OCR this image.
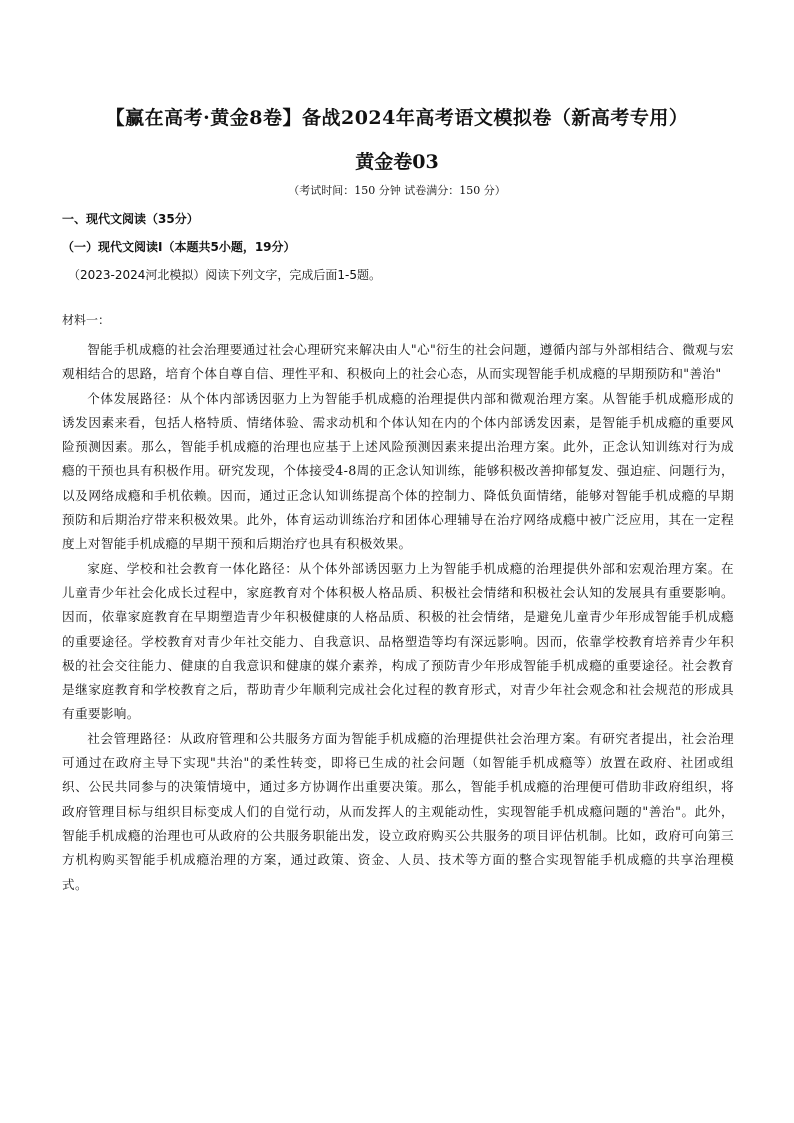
【赢在高考·黄金8卷】备战2024年高考语文模拟卷（新高考专用）
黄金卷03
（考试时间：150 分钟 试卷满分：150 分）
一、现代文阅读（35分）
（一）现代文阅读Ⅰ（本题共5小题，19分）
（2023-2024河北模拟）阅读下列文字，完成后面1-5题。
材料一：

智能手机成瘾的社会治理要通过社会心理研究来解决由人"心"衍生的社会问题，遵循内部与外部相结合、微观与宏观相结合的思路，培育个体自尊自信、理性平和、积极向上的社会心态，从而实现智能手机成瘾的早期预防和"善治"

个体发展路径：从个体内部诱因驱力上为智能手机成瘾的治理提供内部和微观治理方案。从智能手机成瘾形成的诱发因素来看，包括人格特质、情绪体验、需求动机和个体认知在内的个体内部诱发因素，是智能手机成瘾的重要风险预测因素。那么，智能手机成瘾的治理也应基于上述风险预测因素来提出治理方案。此外，正念认知训练对行为成瘾的干预也具有积极作用。研究发现，个体接受4-8周的正念认知训练，能够积极改善抑郁复发、强迫症、问题行为，以及网络成瘾和手机依赖。因而，通过正念认知训练提高个体的控制力、降低负面情绪，能够对智能手机成瘾的早期预防和后期治疗带来积极效果。此外，体育运动训练治疗和团体心理辅导在治疗网络成瘾中被广泛应用，其在一定程度上对智能手机成瘾的早期干预和后期治疗也具有积极效果。

家庭、学校和社会教育一体化路径：从个体外部诱因驱力上为智能手机成瘾的治理提供外部和宏观治理方案。在儿童青少年社会化成长过程中，家庭教育对个体积极人格品质、积极社会情绪和积极社会认知的发展具有重要影响。因而，依靠家庭教育在早期塑造青少年积极健康的人格品质、积极的社会情绪，是避免儿童青少年形成智能手机成瘾的重要途径。学校教育对青少年社交能力、自我意识、品格塑造等均有深远影响。因而，依靠学校教育培养青少年积极的社会交往能力、健康的自我意识和健康的媒介素养，构成了预防青少年形成智能手机成瘾的重要途径。社会教育是继家庭教育和学校教育之后，帮助青少年顺利完成社会化过程的教育形式，对青少年社会观念和社会规范的形成具有重要影响。

社会管理路径：从政府管理和公共服务方面为智能手机成瘾的治理提供社会治理方案。有研究者提出，社会治理可通过在政府主导下实现"共治"的柔性转变，即将已生成的社会问题（如智能手机成瘾等）放置在政府、社团或组织、公民共同参与的决策情境中，通过多方协调作出重要决策。那么，智能手机成瘾的治理便可借助非政府组织，将政府管理目标与组织目标变成人们的自觉行动，从而发挥人的主观能动性，实现智能手机成瘾问题的"善治"。此外，智能手机成瘾的治理也可从政府的公共服务职能出发，设立政府购买公共服务的项目评估机制。比如，政府可向第三方机构购买智能手机成瘾治理的方案，通过政策、资金、人员、技术等方面的整合实现智能手机成瘾的共享治理模式。
